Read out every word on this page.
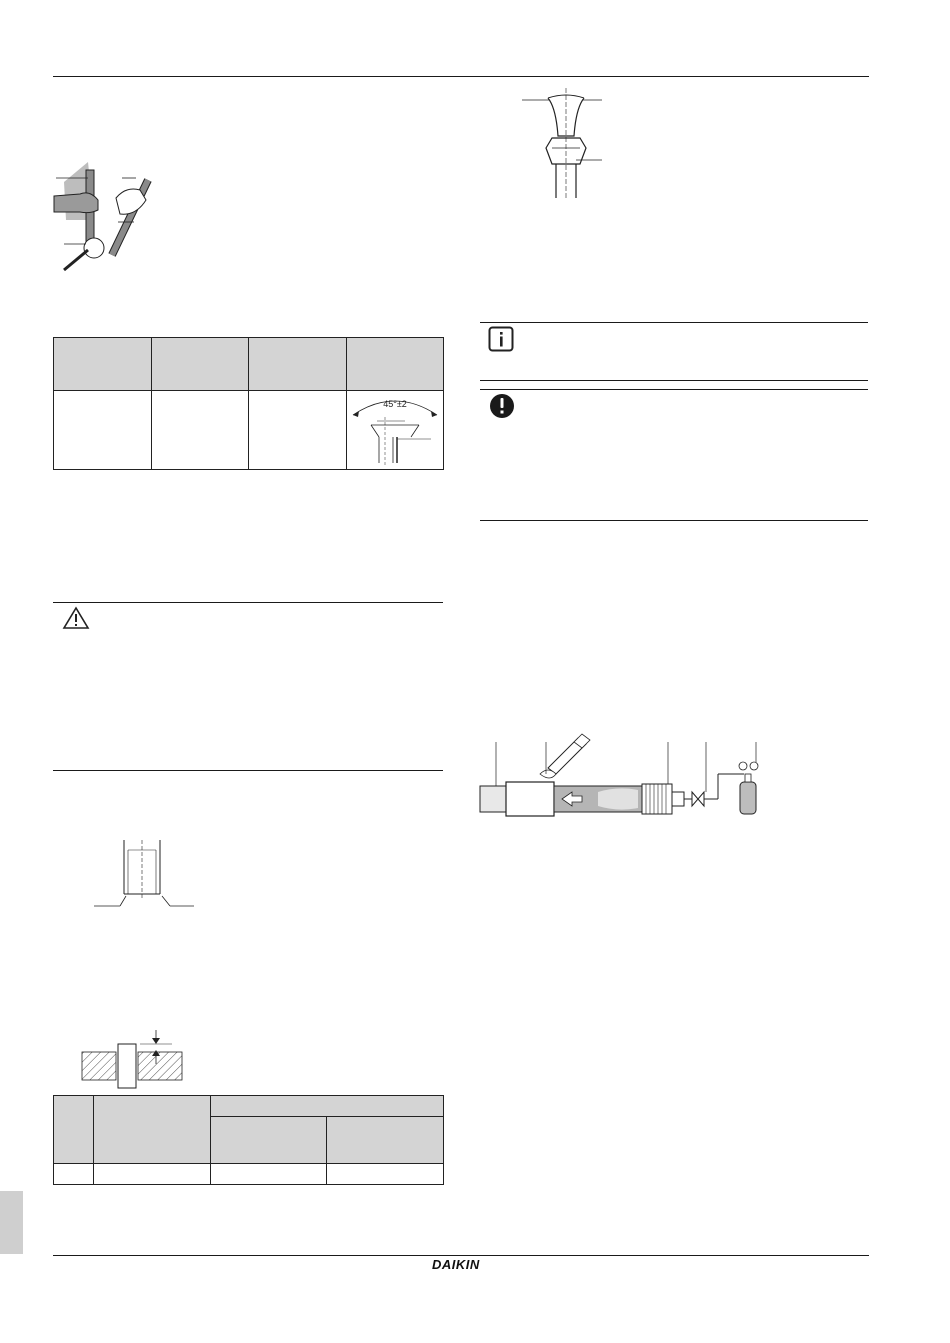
45°±2

DAIKIN
